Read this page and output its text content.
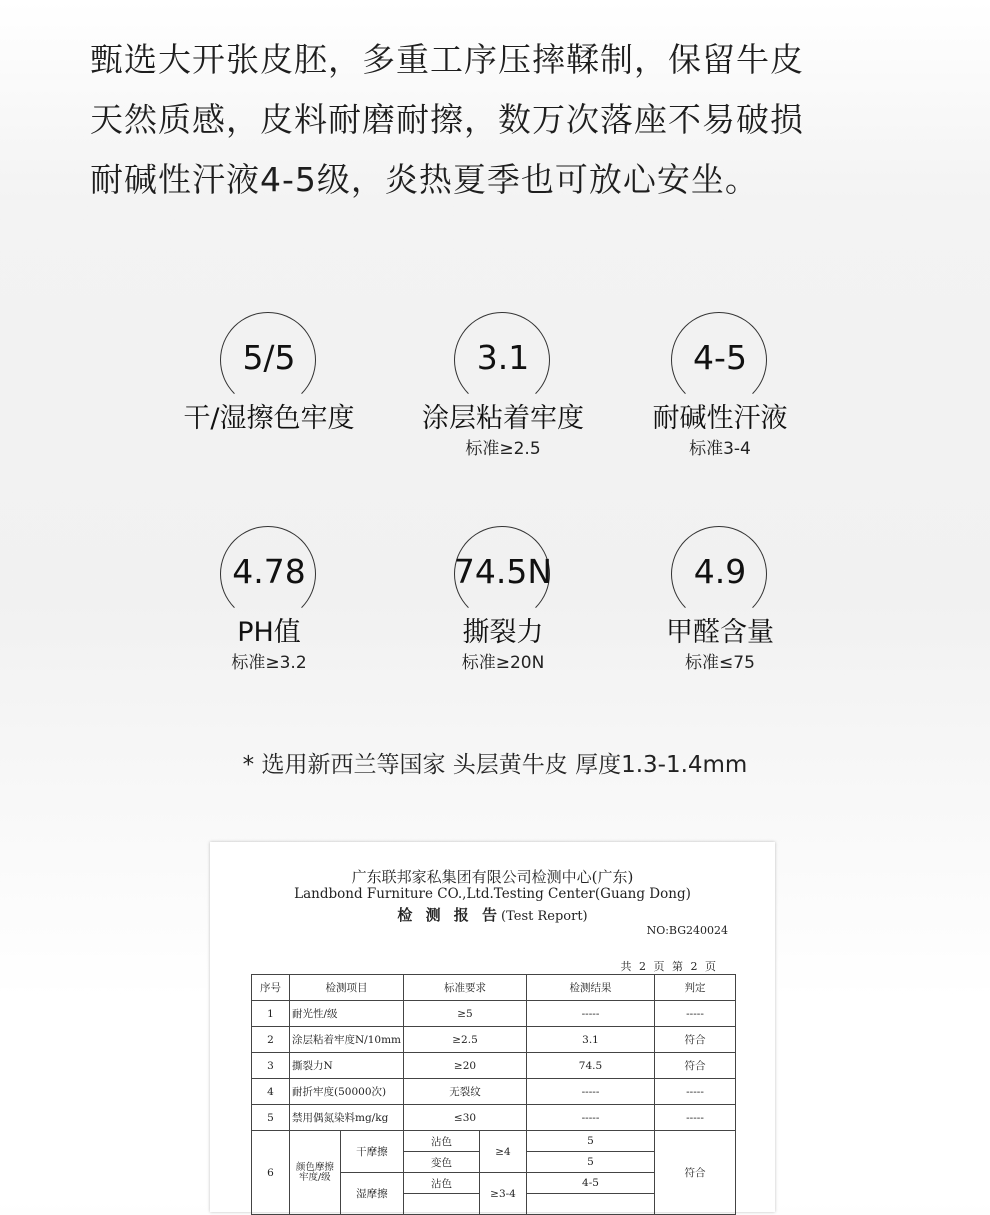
甄选大开张皮胚，多重工序压摔鞣制，保留牛皮

天然质感，皮料耐磨耐擦，数万次落座不易破损

耐碱性汗液4-5级，炎热夏季也可放心安坐。

5/5
干/湿擦色牢度
3.1
涂层粘着牢度
标准≥2.5
4-5
耐碱性汗液
标准3-4
4.78
PH值
标准≥3.2
74.5N
撕裂力
标准≥20N
4.9
甲醛含量
标准≤75
* 选用新西兰等国家 头层黄牛皮 厚度1.3-1.4mm
广东联邦家私集团有限公司检测中心(广东)
Landbond Furniture CO.,Ltd.Testing Center(Guang Dong)
检 测 报 告(Test Report)
NO:BG240024
共 2 页 第 2 页
序号	检测项目		标准要求		检测结果	判定
1	耐光性/级		≥5		-----	-----
2	涂层粘着牢度N/10mm		≥2.5		3.1	符合
3	撕裂力N		≥20		74.5	符合
4	耐折牢度(50000次)		无裂纹		-----	-----
5	禁用偶氮染料mg/kg		≤30		-----	-----
6	颜色摩擦牢度/级	干摩擦	沾色	≥4	5	符合
			变色		5	
		湿摩擦	沾色	≥3-4	4-5	
